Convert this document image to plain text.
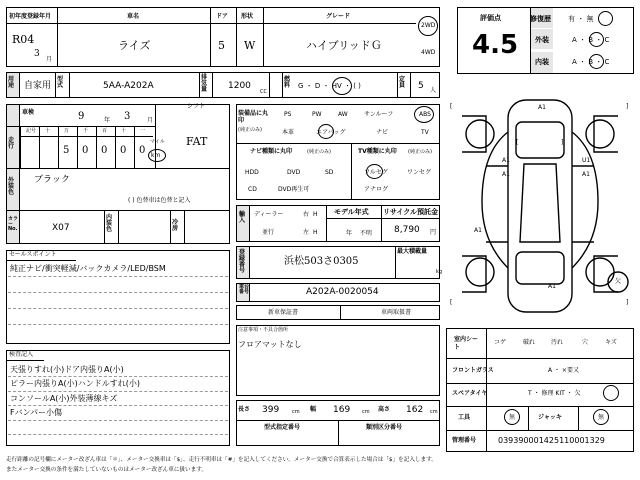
初年度登録年月	車名	ドア 形状	グレード
R04
3
月
ライズ	5 W	ハイブリッドＧ
2WD
4WD
評価点
4.5
修復歴 有 ・ 無
外装	A ・ B ・ C
内装	A ・ B ・ C
用途	自家用
型式	5AA-A202A
排気量	1200
CC
燃料	G ・ D ・ HV ・ ( )
定員	5 人
車検	9	年 3	月
走行
記号 十	万
5
千
0
百
0
十
0
一
0
マイル
km
シフト
FAT
外装色
ブラック
( ) 色替車は色替と記入
カラーNo.	X07
内装色
冷房
セールスポイント
純正ナビ/衝突軽減/バックカメラ/LED/BSM
検査記入
天張りすれ(小)ドア内張りA(小)
ピラー内張りA(小)ハンドルすれ(小)
コンソールA(小)外装薄線キズ
Fバンパー小傷
装備品に丸印
(純正のみ)
PS	PW	AW	サンルーフ	ABS
本革	エアバッグ	ナビ	TV
ナビ種類に丸印	(純正のみ)
HDD	DVD	SD
CD	DVD再生可
TV種類に丸印 (純正のみ)
フルセグ	ワンセグ
アナログ
輸入
ディーラー
並行
右 H
左 H
モデル年式
年 　不明
リサイクル預託金
8,790 円
登録番号
浜松503さ0305
最大積載量
kg
車台番号	A202A-0020054
新車保証書	車両取扱書
注意事項・不具合箇所
フロアマットなし
長さ 399	cm 幅 169 cm 高さ 162 cm
型式指定番号	類別区分番号
[	]
[	]
[	]
A1
A1
A1
U1
A1
A1
A1
欠
室内シート
コゲ	破れ	汚れ	穴	キズ
フロントガラス	A ・ ×要又
スペアタイヤ	T ・ 修理 KIT ・ 欠
工具	無	ジャッキ	無
管理番号	039390001425110001329
走行距離の記号欄にメーター改ざん車は「＊」、メーター交換車は「$」、走行不明車は「#」を記入してください。メーター交換で合算表示した場合は「$」を記入します。
またメーター交換の条件を満たしていないものはメーター改ざん車に扱います。
